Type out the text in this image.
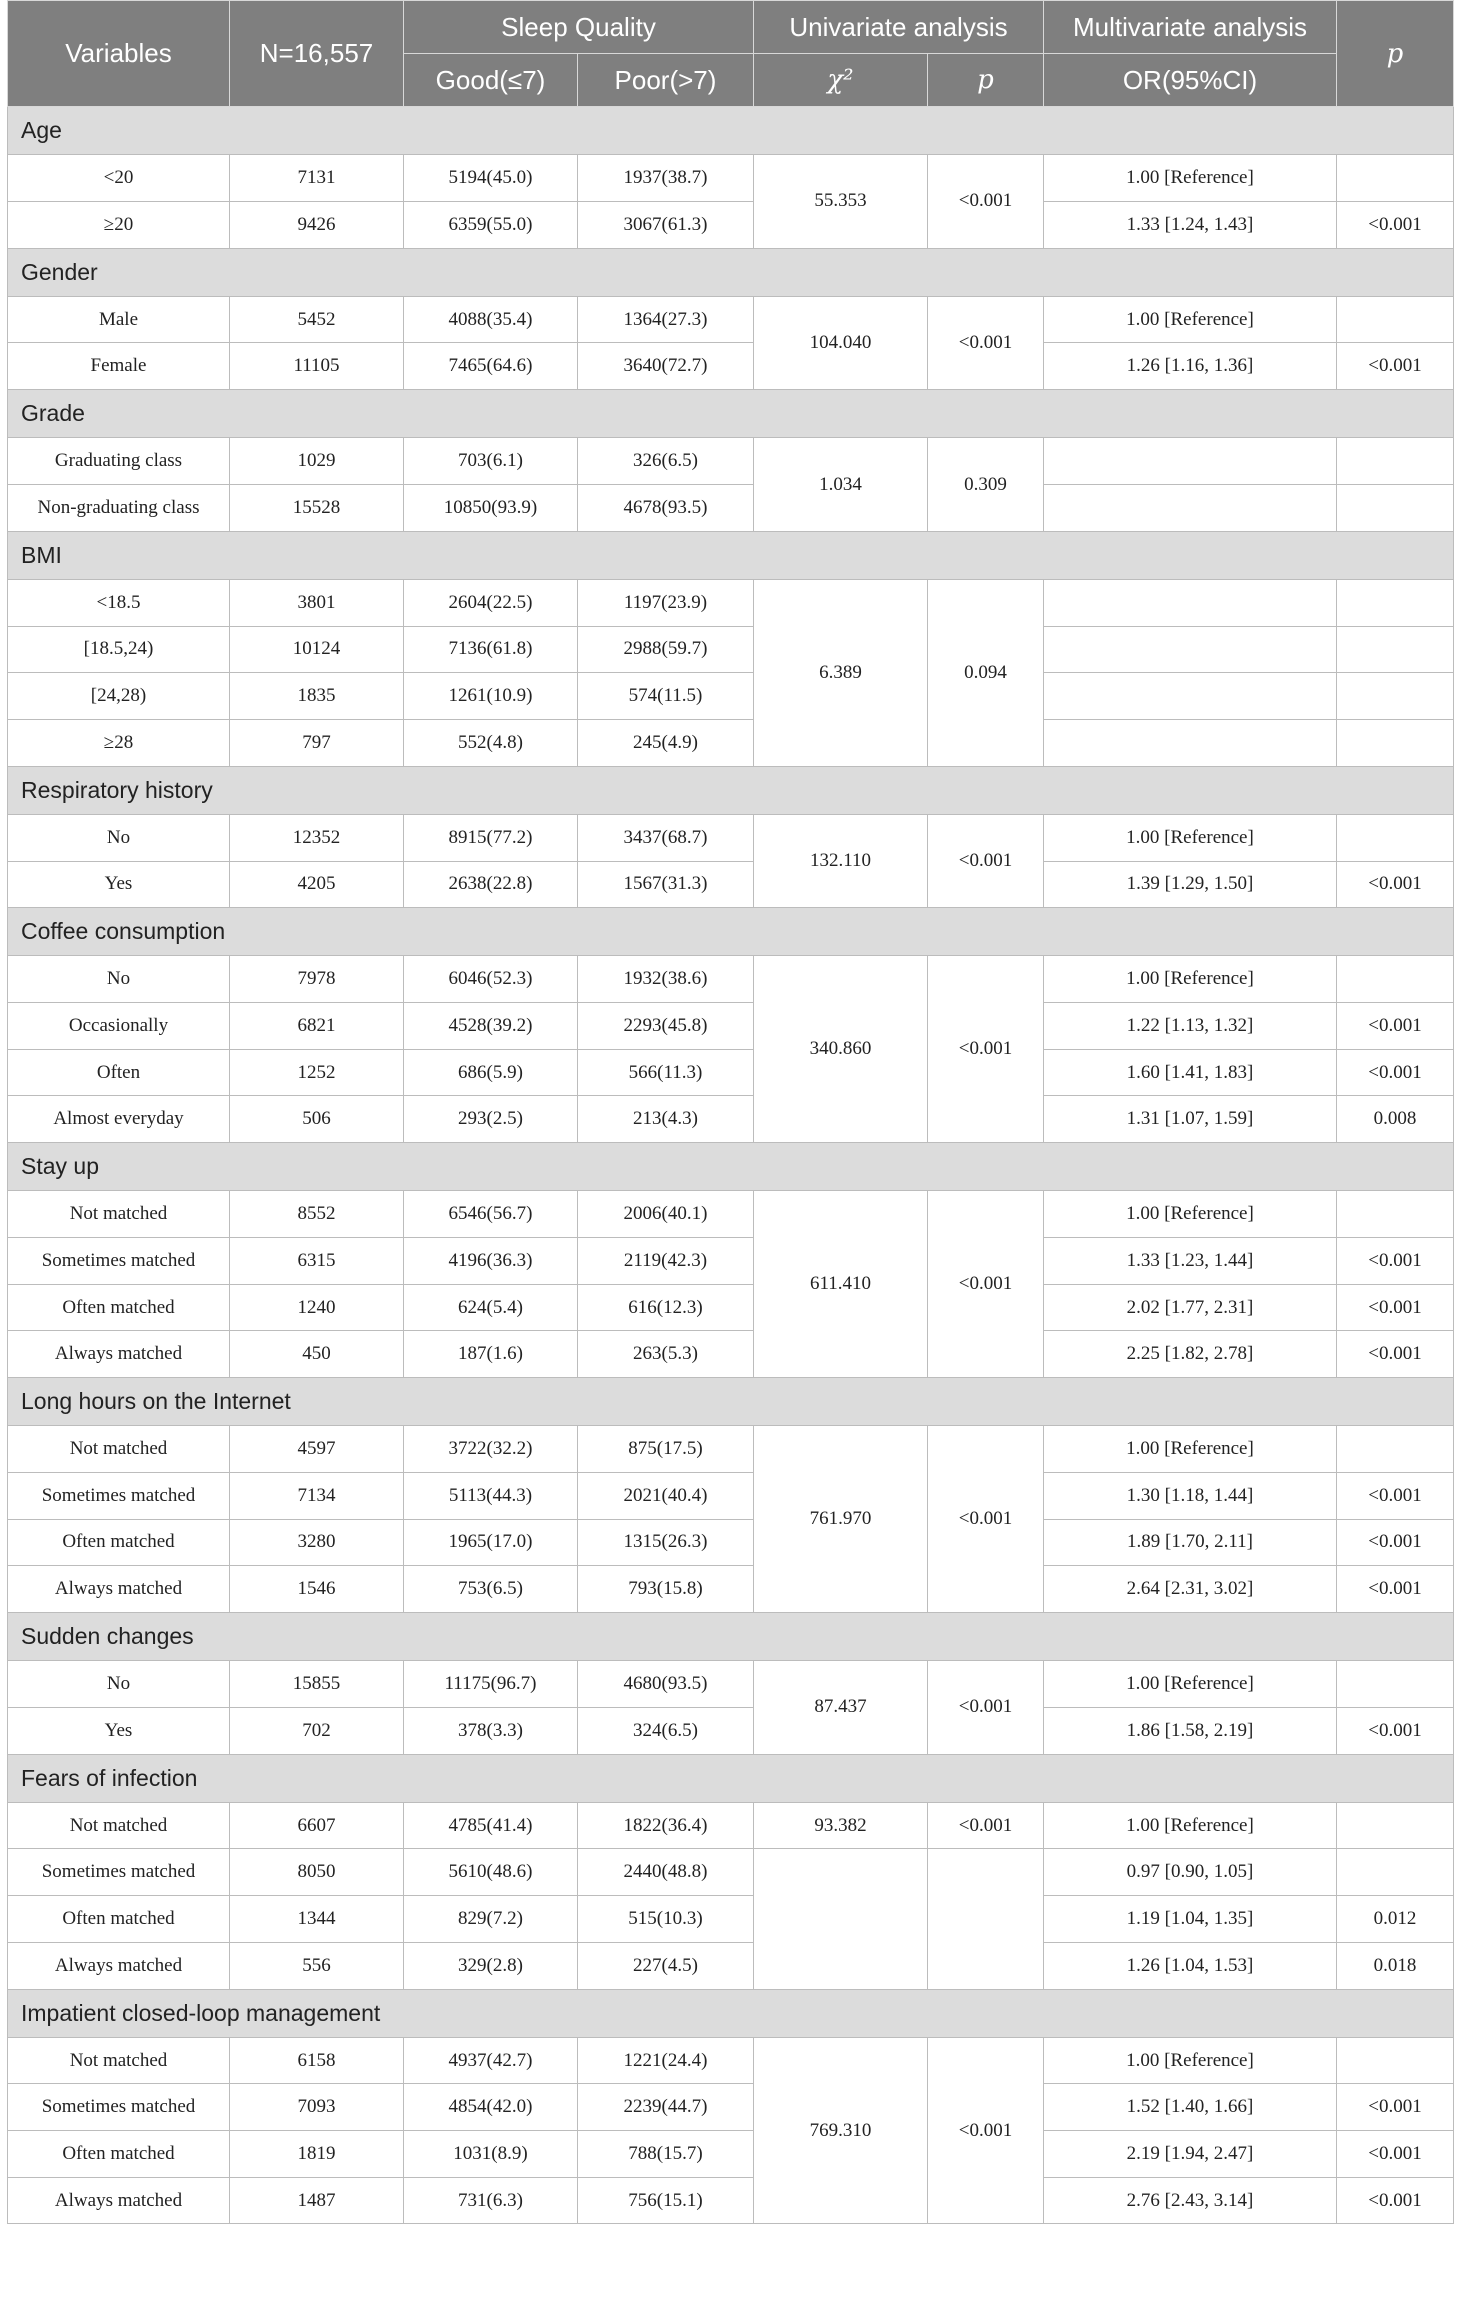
Variables	N=16,557	Sleep Quality		Univariate analysis		Multivariate analysis	p
		Good(≤7)	Poor(>7)	χ²	p	OR(95%CI)	
Age							
<20	7131	5194(45.0)	1937(38.7)	55.353	<0.001	1.00 [Reference]	
≥20	9426	6359(55.0)	3067(61.3)			1.33 [1.24, 1.43]	<0.001
Gender							
Male	5452	4088(35.4)	1364(27.3)	104.040	<0.001	1.00 [Reference]	
Female	11105	7465(64.6)	3640(72.7)			1.26 [1.16, 1.36]	<0.001
Grade							
Graduating class	1029	703(6.1)	326(6.5)	1.034	0.309		
Non-graduating class	15528	10850(93.9)	4678(93.5)				
BMI							
<18.5	3801	2604(22.5)	1197(23.9)	6.389	0.094		
[18.5,24)	10124	7136(61.8)	2988(59.7)				
[24,28)	1835	1261(10.9)	574(11.5)				
≥28	797	552(4.8)	245(4.9)				
Respiratory history							
No	12352	8915(77.2)	3437(68.7)	132.110	<0.001	1.00 [Reference]	
Yes	4205	2638(22.8)	1567(31.3)			1.39 [1.29, 1.50]	<0.001
Coffee consumption							
No	7978	6046(52.3)	1932(38.6)	340.860	<0.001	1.00 [Reference]	
Occasionally	6821	4528(39.2)	2293(45.8)			1.22 [1.13, 1.32]	<0.001
Often	1252	686(5.9)	566(11.3)			1.60 [1.41, 1.83]	<0.001
Almost everyday	506	293(2.5)	213(4.3)			1.31 [1.07, 1.59]	0.008
Stay up							
Not matched	8552	6546(56.7)	2006(40.1)	611.410	<0.001	1.00 [Reference]	
Sometimes matched	6315	4196(36.3)	2119(42.3)			1.33 [1.23, 1.44]	<0.001
Often matched	1240	624(5.4)	616(12.3)			2.02 [1.77, 2.31]	<0.001
Always matched	450	187(1.6)	263(5.3)			2.25 [1.82, 2.78]	<0.001
Long hours on the Internet							
Not matched	4597	3722(32.2)	875(17.5)	761.970	<0.001	1.00 [Reference]	
Sometimes matched	7134	5113(44.3)	2021(40.4)			1.30 [1.18, 1.44]	<0.001
Often matched	3280	1965(17.0)	1315(26.3)			1.89 [1.70, 2.11]	<0.001
Always matched	1546	753(6.5)	793(15.8)			2.64 [2.31, 3.02]	<0.001
Sudden changes							
No	15855	11175(96.7)	4680(93.5)	87.437	<0.001	1.00 [Reference]	
Yes	702	378(3.3)	324(6.5)			1.86 [1.58, 2.19]	<0.001
Fears of infection							
Not matched	6607	4785(41.4)	1822(36.4)	93.382	<0.001	1.00 [Reference]	
Sometimes matched	8050	5610(48.6)	2440(48.8)			0.97 [0.90, 1.05]	
Often matched	1344	829(7.2)	515(10.3)			1.19 [1.04, 1.35]	0.012
Always matched	556	329(2.8)	227(4.5)			1.26 [1.04, 1.53]	0.018
Impatient closed-loop management							
Not matched	6158	4937(42.7)	1221(24.4)	769.310	<0.001	1.00 [Reference]	
Sometimes matched	7093	4854(42.0)	2239(44.7)			1.52 [1.40, 1.66]	<0.001
Often matched	1819	1031(8.9)	788(15.7)			2.19 [1.94, 2.47]	<0.001
Always matched	1487	731(6.3)	756(15.1)			2.76 [2.43, 3.14]	<0.001
